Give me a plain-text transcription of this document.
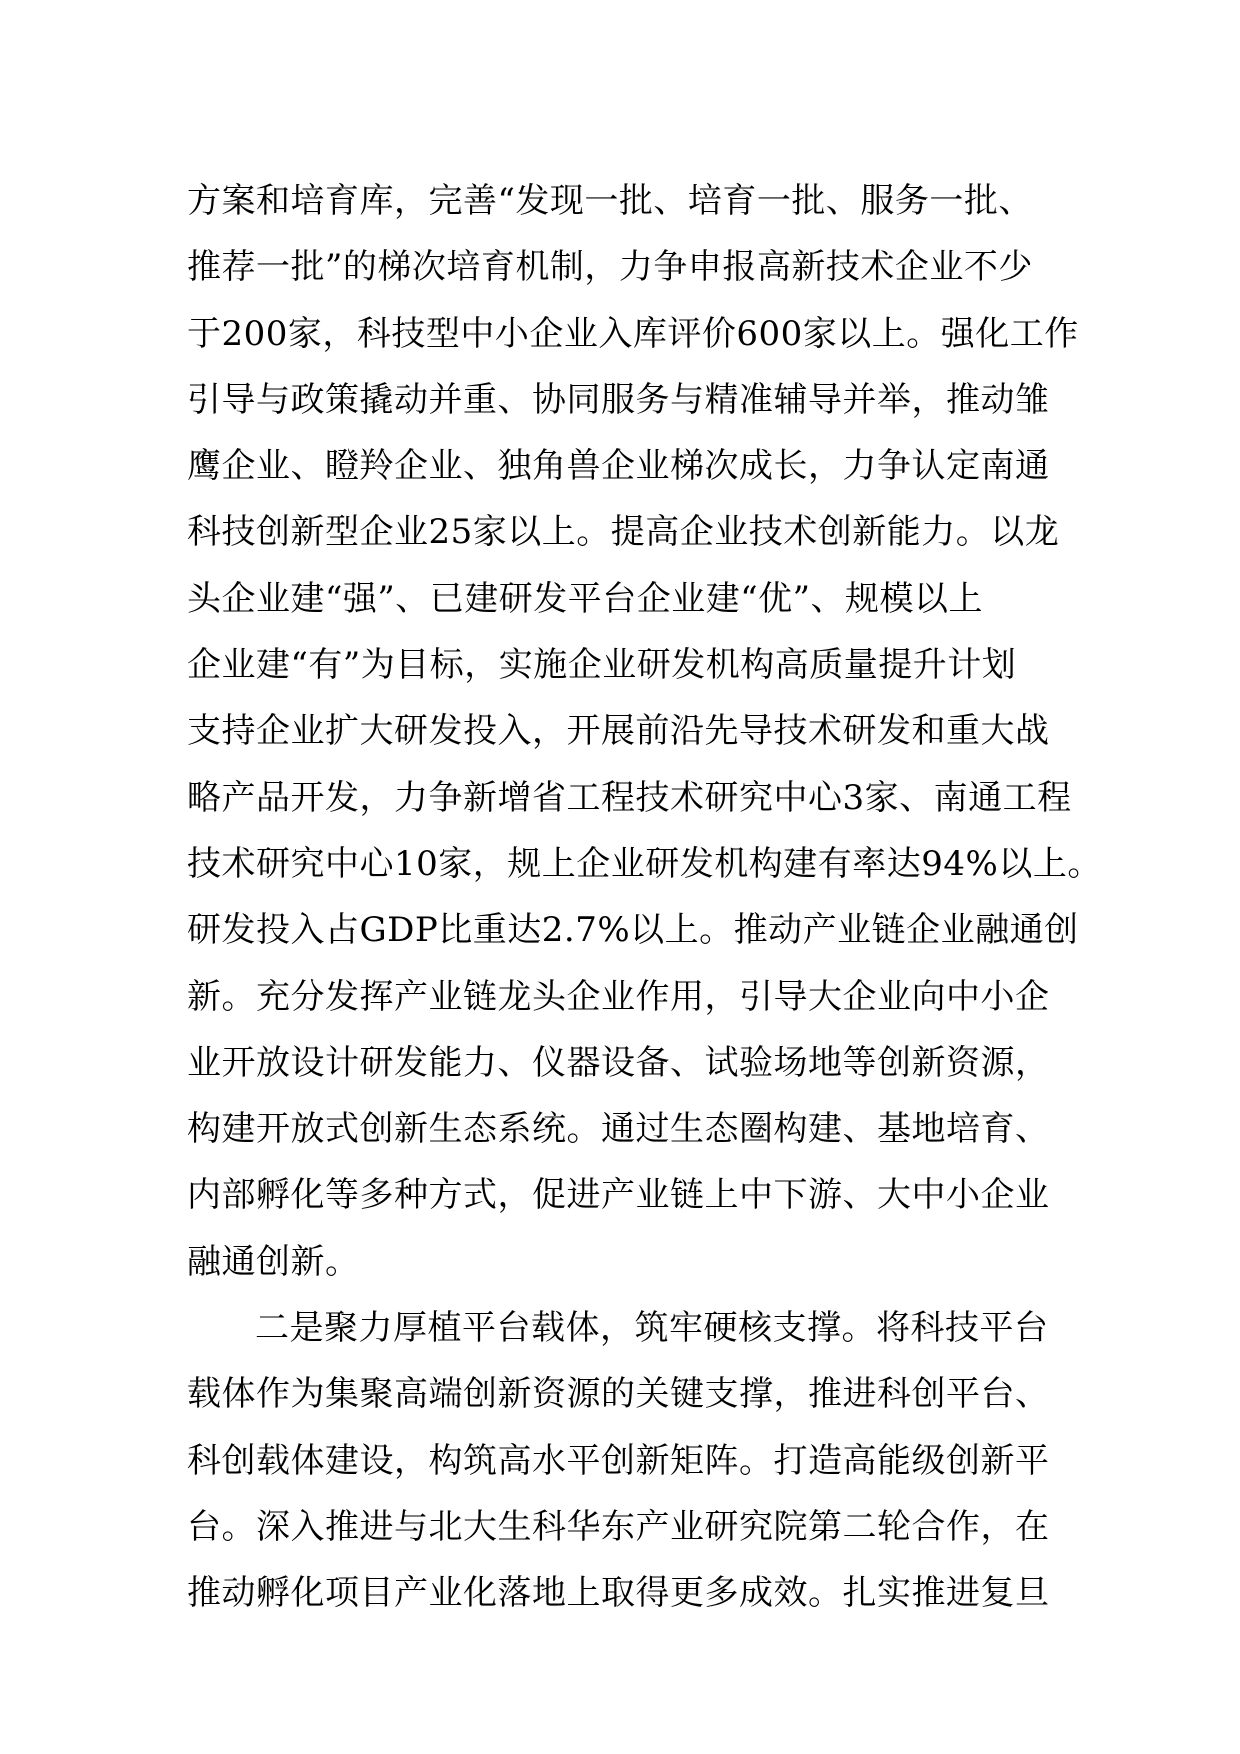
方案和培育库，完善“发现一批、培育一批、服务一批、
推荐一批”的梯次培育机制，力争申报高新技术企业不少
于200家，科技型中小企业入库评价600家以上。强化工作
引导与政策撬动并重、协同服务与精准辅导并举，推动雏
鹰企业、瞪羚企业、独角兽企业梯次成长，力争认定南通
科技创新型企业25家以上。提高企业技术创新能力。以龙
头企业建“强”、已建研发平台企业建“优”、规模以上
企业建“有”为目标，实施企业研发机构高质量提升计划
支持企业扩大研发投入，开展前沿先导技术研发和重大战
略产品开发，力争新增省工程技术研究中心3家、南通工程
技术研究中心10家，规上企业研发机构建有率达94%以上。
研发投入占GDP比重达2.7%以上。推动产业链企业融通创
新。充分发挥产业链龙头企业作用，引导大企业向中小企
业开放设计研发能力、仪器设备、试验场地等创新资源，
构建开放式创新生态系统。通过生态圈构建、基地培育、
内部孵化等多种方式，促进产业链上中下游、大中小企业
融通创新。
二是聚力厚植平台载体，筑牢硬核支撑。将科技平台
载体作为集聚高端创新资源的关键支撑，推进科创平台、
科创载体建设，构筑高水平创新矩阵。打造高能级创新平
台。深入推进与北大生科华东产业研究院第二轮合作，在
推动孵化项目产业化落地上取得更多成效。扎实推进复旦
